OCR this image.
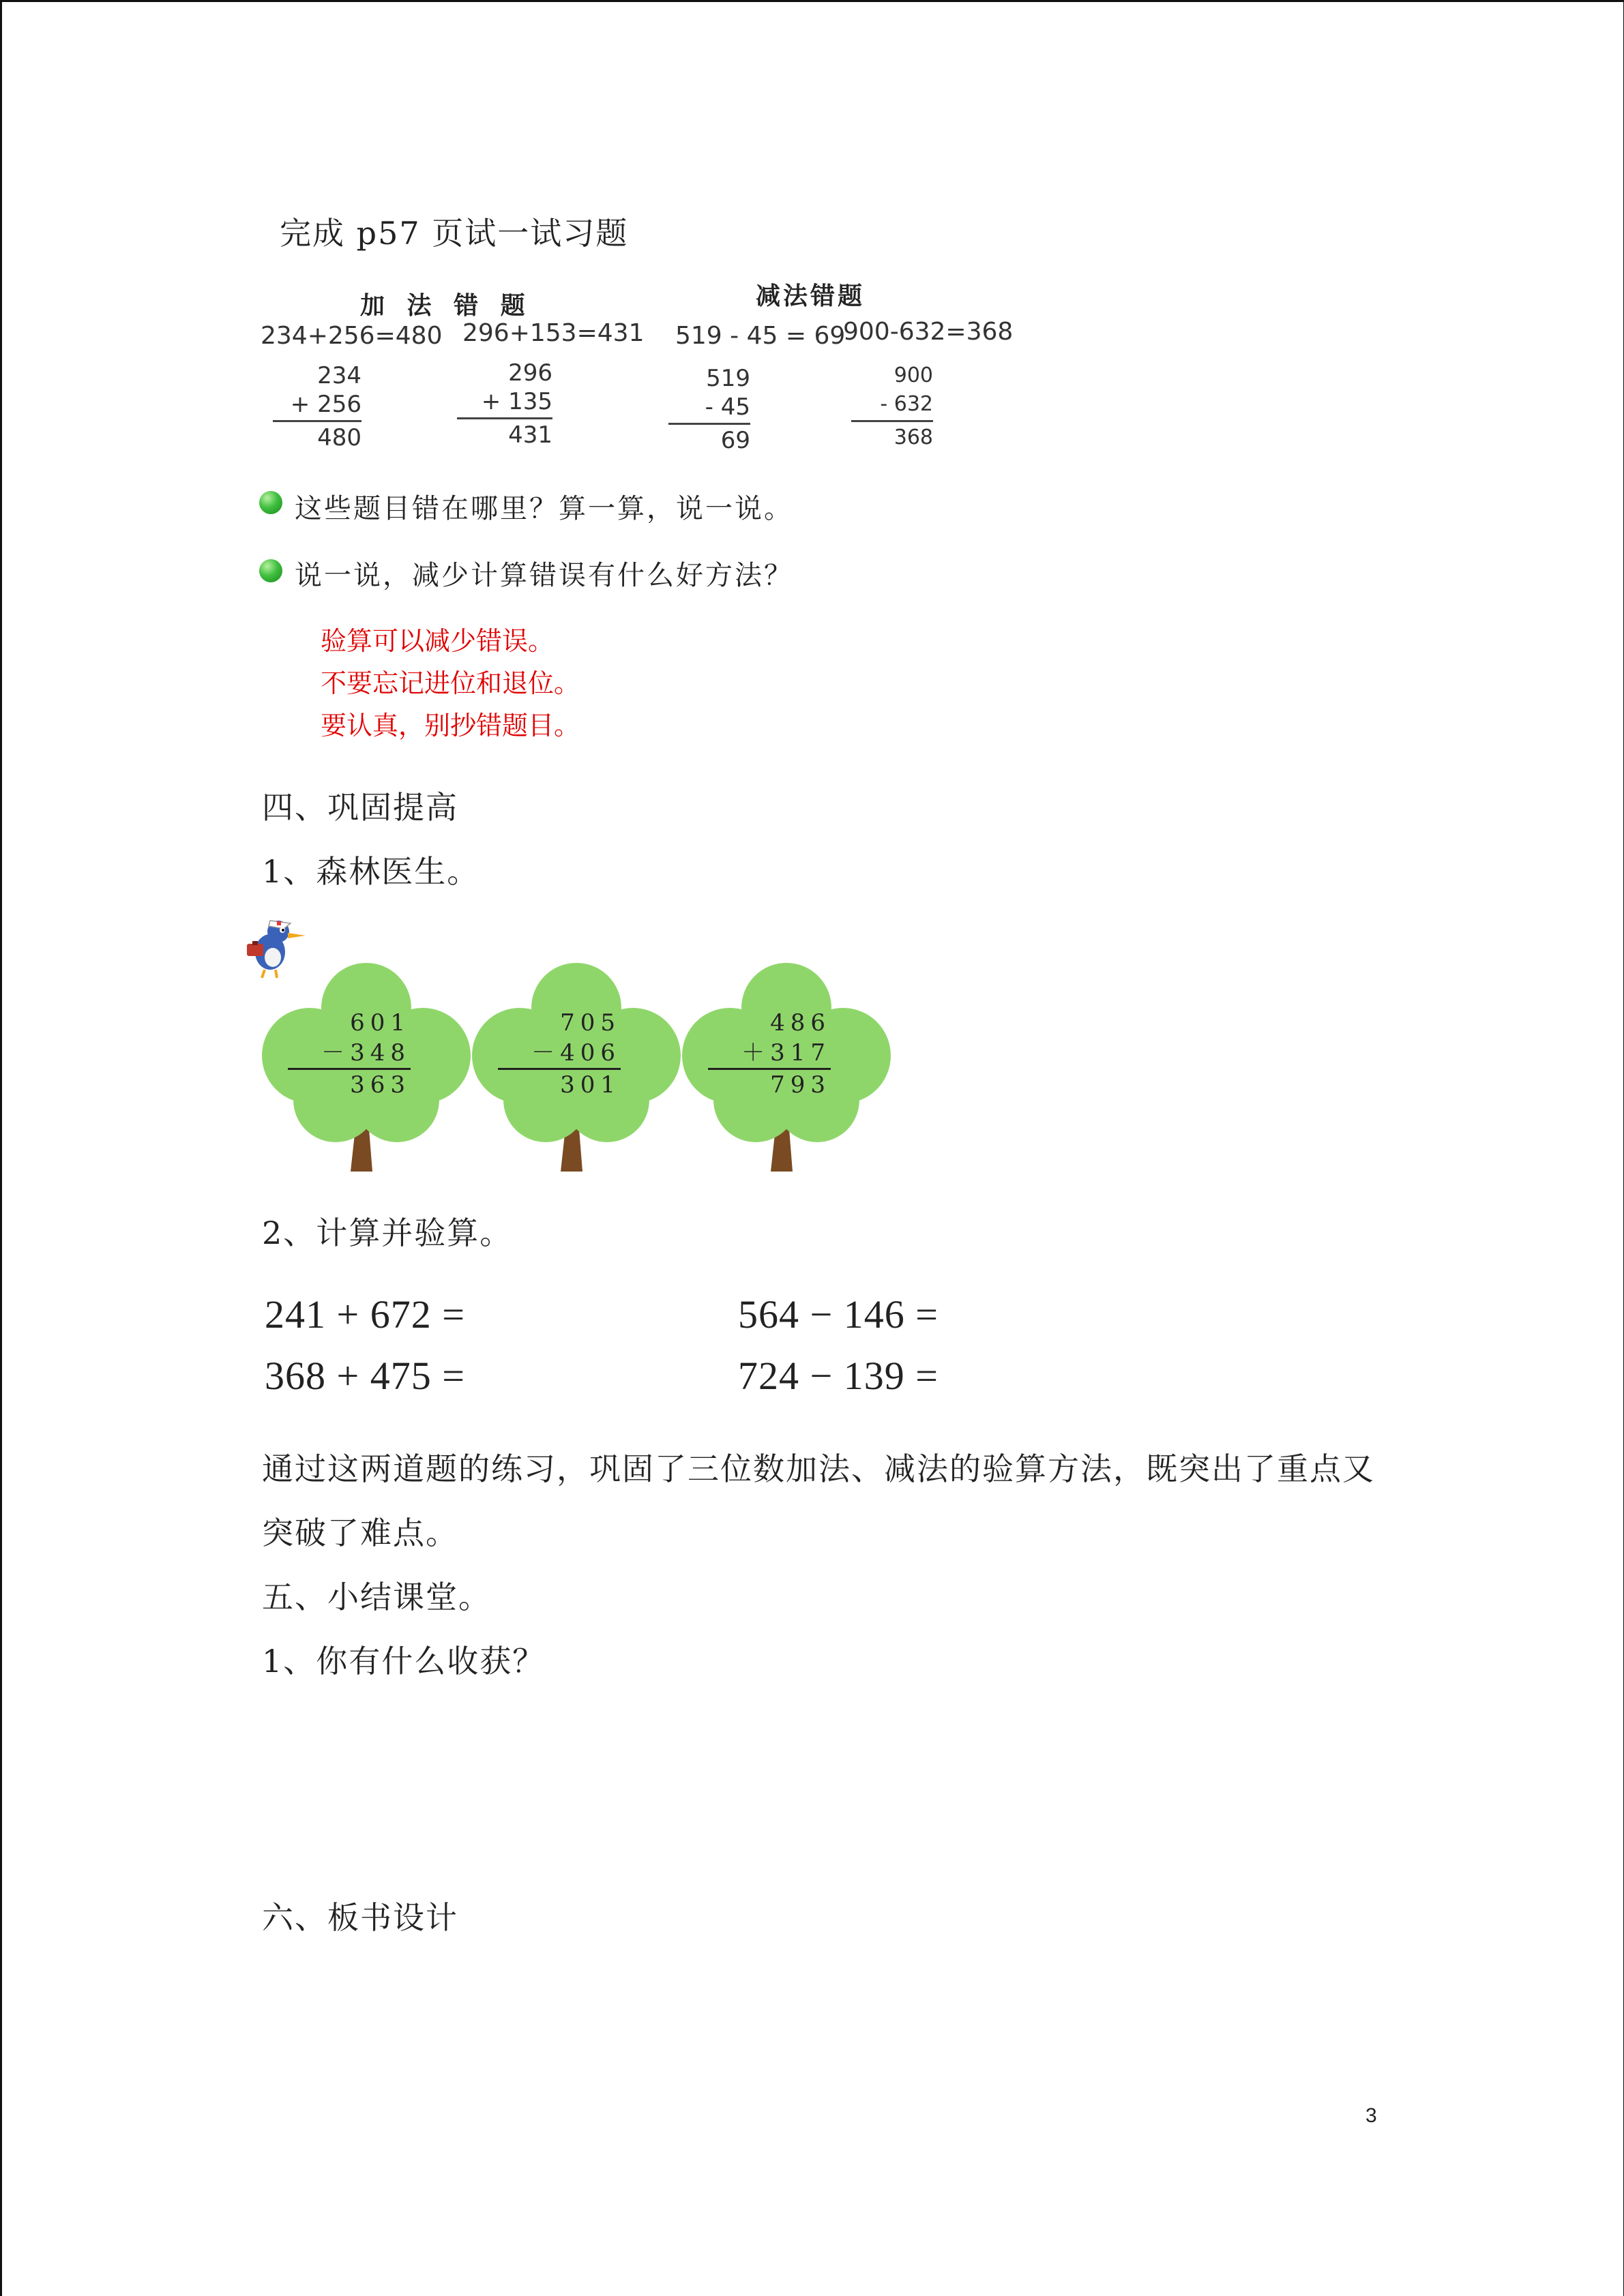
完成 p57 页试一试习题
加 法 错 题	减法错题
234+256=480 296+153=431 519 - 45 = 69
900-632=368
234
+ 256
480
296
+ 135
431
519
- 45
69
900
- 632
368
这些题目错在哪里？算一算，说一说。
说一说，减少计算错误有什么好方法？
验算可以减少错误。
不要忘记进位和退位。
要认真，别抄错题目。
四、巩固提高
1、森林医生。
601
－348
363
705
－406
301
486
＋317
793
2、计算并验算。
241 + 672 =
368 + 475 =
564 − 146 =
724 − 139 =
通过这两道题的练习，巩固了三位数加法、减法的验算方法，既突出了重点又
突破了难点。
五、小结课堂。
1、你有什么收获？
六、板书设计
3
